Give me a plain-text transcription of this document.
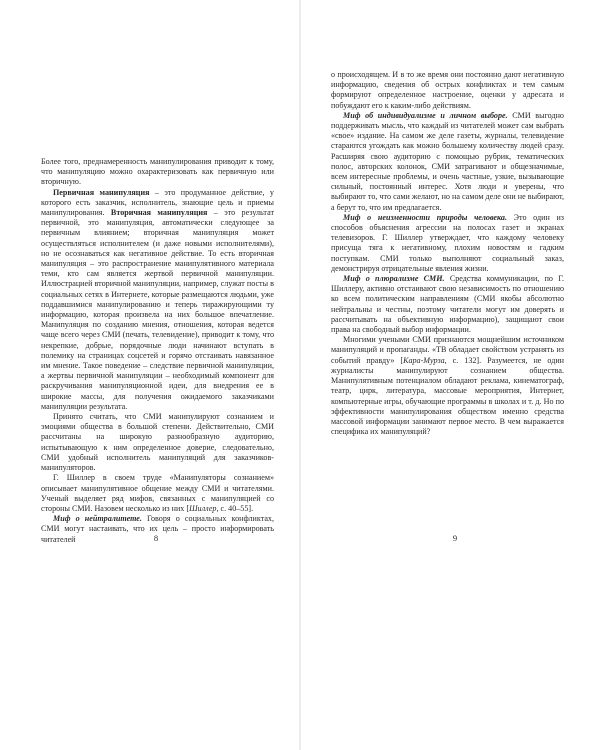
Более того, преднамеренность манипулирования приводит к тому, что манипуляцию можно охарактеризовать как первичную или вторичную.

Первичная манипуляция – это продуманное действие, у которого есть заказчик, исполнитель, знающие цель и приемы манипулирования. Вторичная манипуляция – это результат первичной, это манипуляция, автоматически следующее за первичным влиянием; вторичная манипуляция может осуществляться исполнителем (и даже новыми исполнителями), но не осознаваться как негативное действие. То есть вторичная манипуляция – это распространение манипулятивного материала теми, кто сам является жертвой первичной манипуляции. Иллюстрацией вторичной манипуляции, например, служат посты в социальных сетях в Интернете, которые размещаются людьми, уже поддавшимися манипулированию и теперь тиражирующими ту информацию, которая произвела на них большое впечатление. Манипуляция по созданию мнения, отношения, которая ведется чаще всего через СМИ (печать, телевидение), приводит к тому, что некрепкие, добрые, порядочные люди начинают вступать в полемику на страницах соцсетей и горячо отстаивать навязанное им мнение. Такое поведение – следствие первичной манипуляции, а жертвы первичной манипуляции – необходимый компонент для раскручивания манипуляционной идеи, для внедрения ее в широкие массы, для получения ожидаемого заказчиками манипуляции результата.

Принято считать, что СМИ манипулируют сознанием и эмоциями общества в большой степени. Действительно, СМИ рассчитаны на широкую разнообразную аудиторию, испытывающую к ним определенное доверие, следовательно, СМИ удобный исполнитель манипуляций для заказчиков-манипуляторов.

Г. Шиллер в своем труде «Манипуляторы сознанием» описывает манипулятивное общение между СМИ и читателями. Ученый выделяет ряд мифов, связанных с манипуляцией со стороны СМИ. Назовем несколько из них [Шиллер, с. 40–55].

Миф о нейтралитете. Говоря о социальных конфликтах, СМИ могут настаивать, что их цель – просто информировать читателей	8

о происходящем. И в то же время они постоянно дают негативную информацию, сведения об острых конфликтах и тем самым формируют определенное настроение, оценки у адресата и побуждают его к каким-либо действиям.

Миф об индивидуализме и личном выборе. СМИ выгодно поддерживать мысль, что каждый из читателей может сам выбрать «свое» издание. На самом же деле газеты, журналы, телевидение стараются угождать как можно большему количеству людей сразу. Расширяя свою аудиторию с помощью рубрик, тематических полос, авторских колонок, СМИ затрагивают и общезначимые, всем интересные проблемы, и очень частные, узкие, вызывающие сильный, постоянный интерес. Хотя люди и уверены, что выбирают то, что сами желают, но на самом деле они не выбирают, а берут то, что им предлагается.

Миф о неизменности природы человека. Это один из способов объяснения агрессии на полосах газет и экранах телевизоров. Г. Шиллер утверждает, что каждому человеку присуща тяга к негативному, плохим новостям и гадким поступкам. СМИ только выполняют социальный заказ, демонстрируя отрицательные явления жизни.

Миф о плюрализме СМИ. Средства коммуникации, по Г. Шиллеру, активно отстаивают свою независимость по отношению ко всем политическим направлениям (СМИ якобы абсолютно нейтральны и честны, поэтому читатели могут им доверять и рассчитывать на объективную информацию), защищают свои права на свободный выбор информации.

Многими учеными СМИ признаются мощнейшим источником манипуляций и пропаганды. «ТВ обладает свойством устранять из событий правду» [Кара-Мурза, с. 132]. Разумеется, не один журналисты манипулируют сознанием общества. Манипулятивным потенциалом обладают реклама, кинематограф, театр, цирк, литература, массовые мероприятия, Интернет, компьютерные игры, обучающие программы в школах и т. д. Но по эффективности манипулирования обществом именно средства массовой информации занимают первое место. В чем выражается специфика их манипуляций?

9
